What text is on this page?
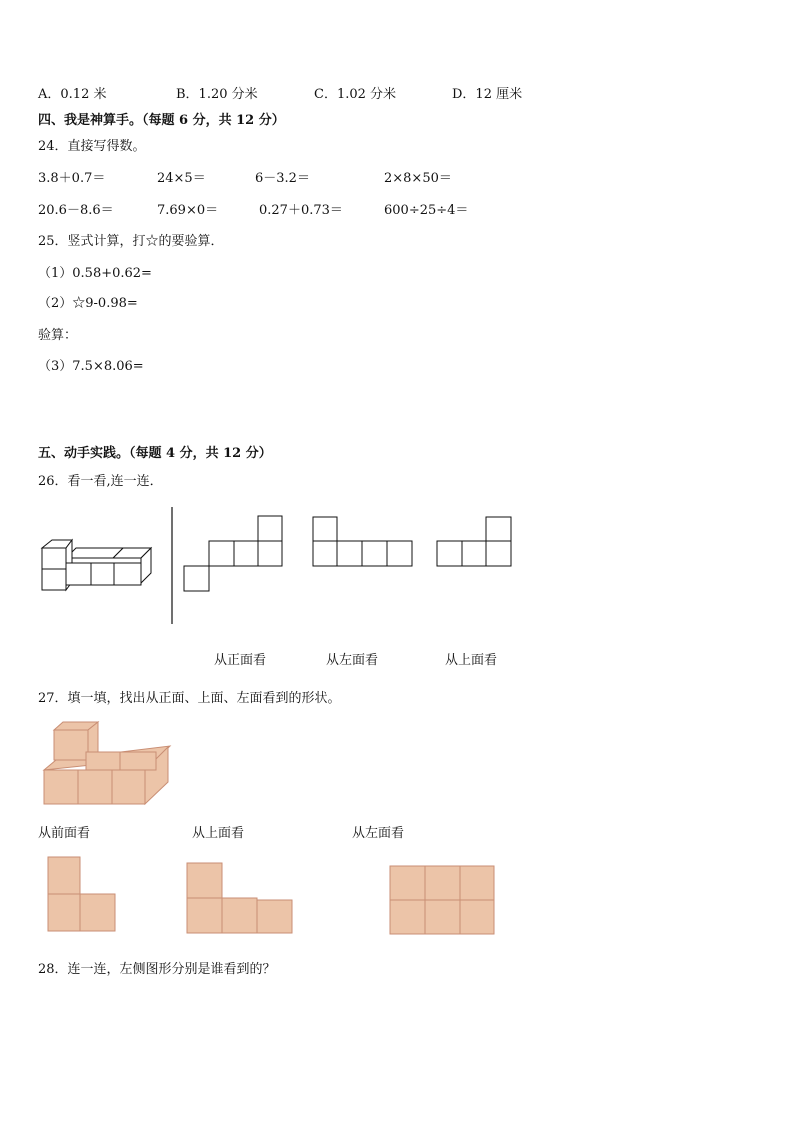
A．0.12 米	B．1.20 分米	C．1.02 分米	D．12 厘米
四、我是神算手。（每题 6 分，共 12 分）
24．直接写得数。
3.8＋0.7＝	24×5＝	6－3.2＝	2×8×50＝
20.6－8.6＝	7.69×0＝	0.27＋0.73＝	600÷25÷4＝
25．竖式计算，打☆的要验算．
（1）0.58+0.62=
（2）☆9-0.98=
验算：
（3）7.5×8.06=
五、动手实践。（每题 4 分，共 12 分）
26．看一看,连一连．
从正面看	从左面看	从上面看
27．填一填，找出从正面、上面、左面看到的形状。
从前面看	从上面看	从左面看
28．连一连，左侧图形分别是谁看到的？
